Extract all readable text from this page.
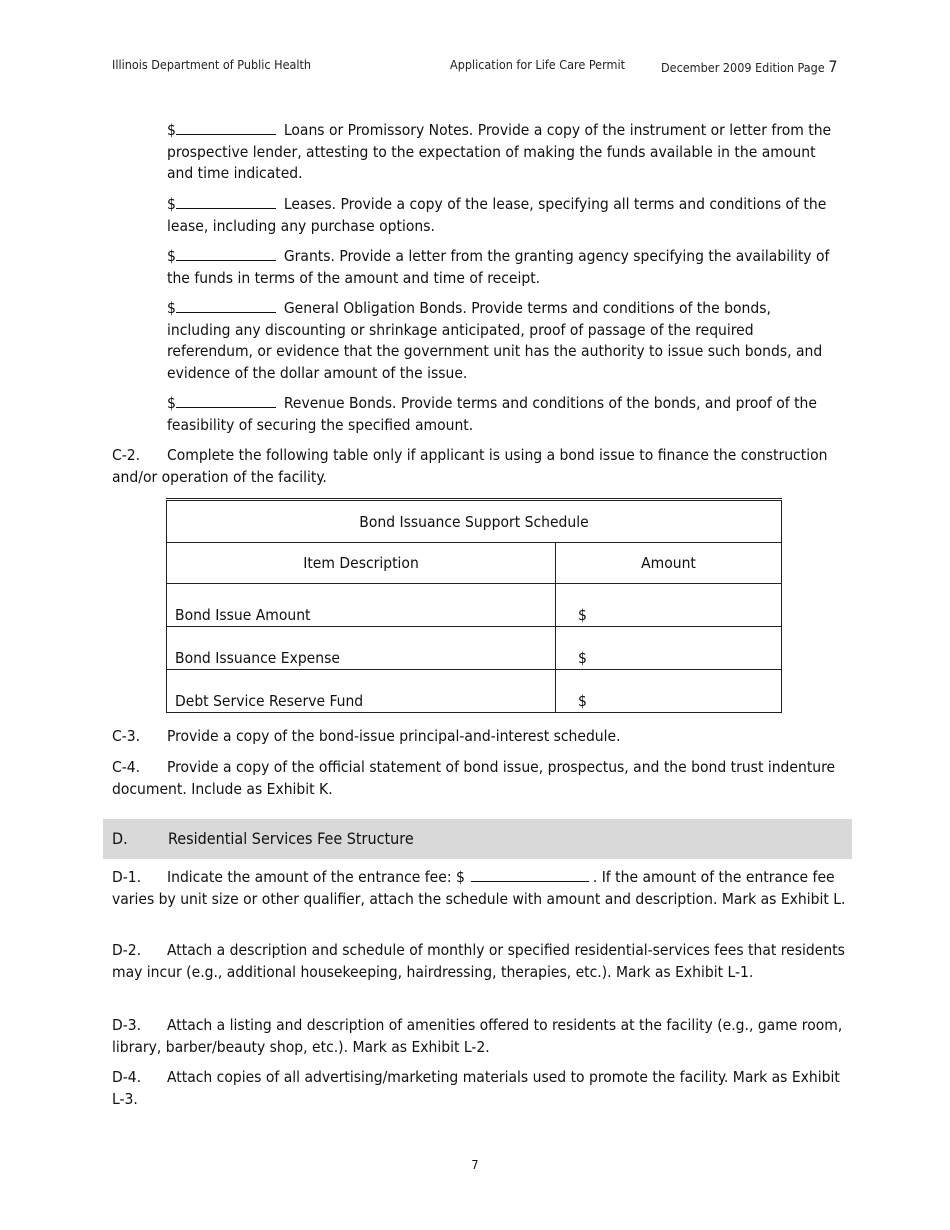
Illinois Department of Public Health	Application for Life Care Permit	December 2009 Edition Page 7
$	Loans or Promissory Notes. Provide a copy of the instrument or letter from the prospective lender, attesting to the expectation of making the funds available in the amount and time indicated.
$	Leases. Provide a copy of the lease, specifying all terms and conditions of the lease, including any purchase options.
$	Grants. Provide a letter from the granting agency specifying the availability of the funds in terms of the amount and time of receipt.
$	General Obligation Bonds. Provide terms and conditions of the bonds, including any discounting or shrinkage anticipated, proof of passage of the required referendum, or evidence that the government unit has the authority to issue such bonds, and evidence of the dollar amount of the issue.
$	Revenue Bonds. Provide terms and conditions of the bonds, and proof of the feasibility of securing the specified amount.
C-2. Complete the following table only if applicant is using a bond issue to finance the construction and/or operation of the facility.
Bond Issuance Support Schedule	
Item Description	Amount
Bond Issue Amount	$
Bond Issuance Expense	$
Debt Service Reserve Fund	$
C-3. Provide a copy of the bond-issue principal-and-interest schedule.
C-4. Provide a copy of the official statement of bond issue, prospectus, and the bond trust indenture document. Include as Exhibit K.
D.	Residential Services Fee Structure
D-1. Indicate the amount of the entrance fee: $	. If the amount of the entrance fee varies by unit size or other qualifier, attach the schedule with amount and description. Mark as Exhibit L.
D-2. Attach a description and schedule of monthly or specified residential-services fees that residents may incur (e.g., additional housekeeping, hairdressing, therapies, etc.). Mark as Exhibit L-1.
D-3. Attach a listing and description of amenities offered to residents at the facility (e.g., game room, library, barber/beauty shop, etc.). Mark as Exhibit L-2.
D-4. Attach copies of all advertising/marketing materials used to promote the facility. Mark as Exhibit L-3.
7
